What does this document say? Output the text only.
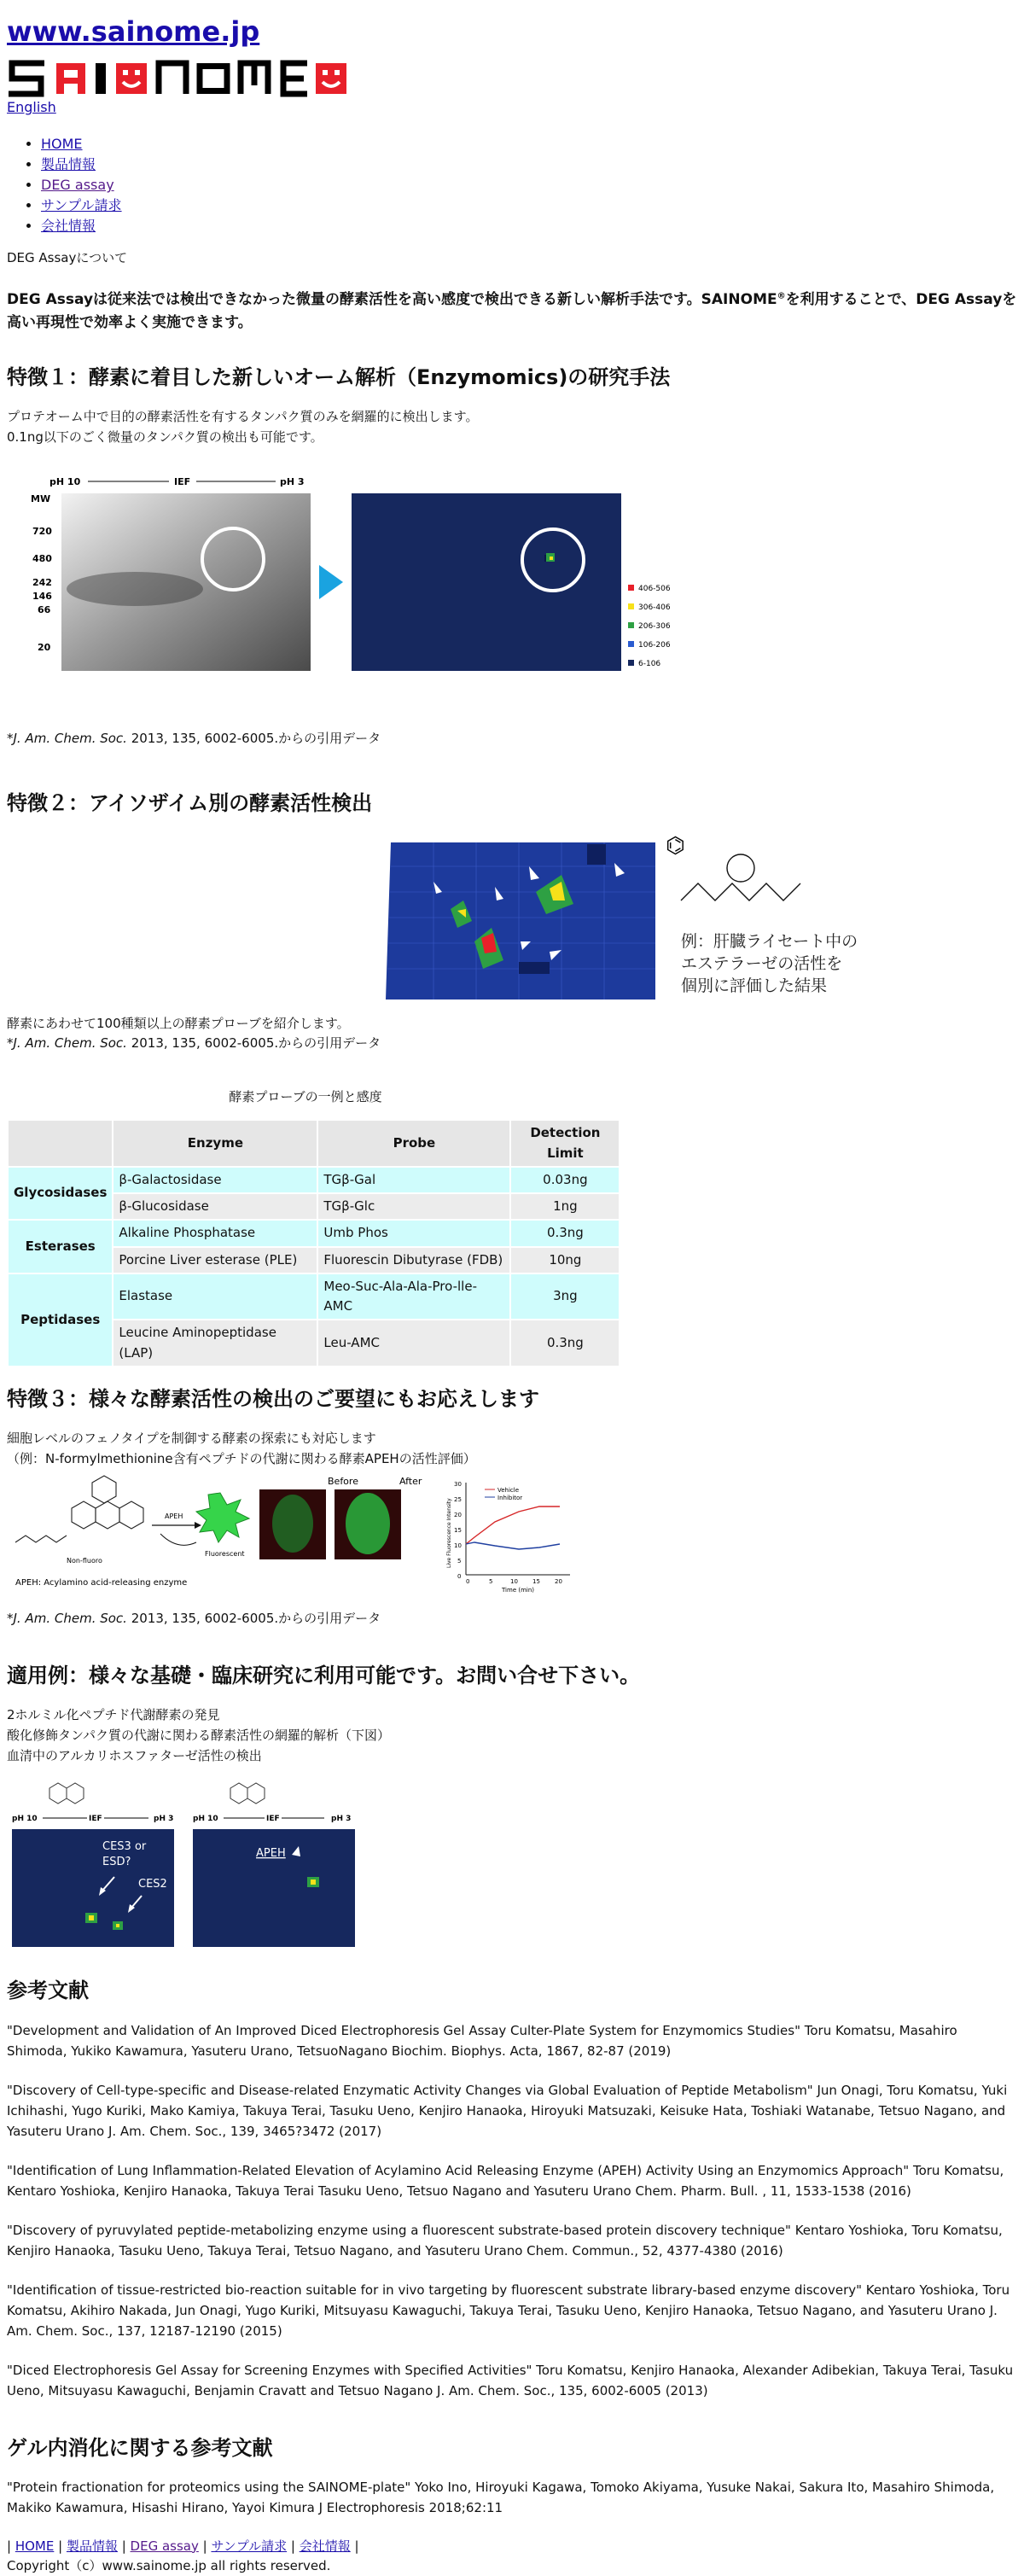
www.sainome.jp
English
• HOME
• 製品情報
• DEG assay
• サンプル請求
• 会社情報
DEG Assayについて

DEG Assayは従来法では検出できなかった微量の酵素活性を高い感度で検出できる新しい解析手法です。SAINOME®を利用することで、DEG Assayを高い再現性で効率よく実施できます。

特徴１：酵素に着目した新しいオーム解析（Enzymomics)の研究手法

プロテオーム中で目的の酵素活性を有するタンパク質のみを網羅的に検出します。

0.1ng以下のごく微量のタンパク質の検出も可能です。

pH 10	IEF	pH 3
MW
720
480
242
146
66
20
406-506
306-406
206-306
106-206
6-106

*J. Am. Chem. Soc. 2013, 135, 6002-6005.からの引用データ

特徴２：アイソザイム別の酵素活性検出
⌬
例：肝臓ライセート中の
エステラーゼの活性を
個別に評価した結果

酵素にあわせて100種類以上の酵素プローブを紹介します。

*J. Am. Chem. Soc. 2013, 135, 6002-6005.からの引用データ

酵素プローブの一例と感度
	Enzyme	Probe	Detection Limit
Glycosidases	β-Galactosidase	TGβ-Gal	0.03ng
	β-Glucosidase	TGβ-Glc	1ng
Esterases	Alkaline Phosphatase	Umb Phos	0.3ng
	Porcine Liver esterase (PLE)	Fluorescin Dibutyrase (FDB)	10ng
Peptidases	Elastase	Meo-Suc-Ala-Ala-Pro-lle-AMC	3ng
	Leucine Aminopeptidase (LAP)	Leu-AMC	0.3ng
特徴３：様々な酵素活性の検出のご要望にもお応えします

細胞レベルのフェノタイプを制御する酵素の探索にも対応します

（例：N-formylmethionine含有ペプチドの代謝に関わる酵素APEHの活性評価）

Non-fluoro
APEH
Fluorescent
Before	After
APEH: Acylamino acid-releasing enzyme
0
5
10
15
20
25
30
0	5	10 15 20
Time (min)
Live Fluorescence Intensity
Vehicle
Inhibitor

*J. Am. Chem. Soc. 2013, 135, 6002-6005.からの引用データ

適用例：様々な基礎・臨床研究に利用可能です。お問い合せ下さい。

2ホルミル化ペプチド代謝酵素の発見

酸化修飾タンパク質の代謝に関わる酵素活性の網羅的解析（下図）

血清中のアルカリホスファターゼ活性の検出

pH 10	IEF	pH 3	pH 10	IEF	pH 3
CES3 or
ESD?
CES2
APEH
参考文献

"Development and Validation of An Improved Diced Electrophoresis Gel Assay Culter-Plate System for Enzymomics Studies" Toru Komatsu, Masahiro Shimoda, Yukiko Kawamura, Yasuteru Urano, TetsuoNagano Biochim. Biophys. Acta, 1867, 82-87 (2019)

"Discovery of Cell-type-specific and Disease-related Enzymatic Activity Changes via Global Evaluation of Peptide Metabolism" Jun Onagi, Toru Komatsu, Yuki Ichihashi, Yugo Kuriki, Mako Kamiya, Takuya Terai, Tasuku Ueno, Kenjiro Hanaoka, Hiroyuki Matsuzaki, Keisuke Hata, Toshiaki Watanabe, Tetsuo Nagano, and Yasuteru Urano J. Am. Chem. Soc., 139, 3465?3472 (2017)

"Identification of Lung Inflammation-Related Elevation of Acylamino Acid Releasing Enzyme (APEH) Activity Using an Enzymomics Approach" Toru Komatsu, Kentaro Yoshioka, Kenjiro Hanaoka, Takuya Terai Tasuku Ueno, Tetsuo Nagano and Yasuteru Urano Chem. Pharm. Bull. , 11, 1533-1538 (2016)

"Discovery of pyruvylated peptide-metabolizing enzyme using a fluorescent substrate-based protein discovery technique" Kentaro Yoshioka, Toru Komatsu, Kenjiro Hanaoka, Tasuku Ueno, Takuya Terai, Tetsuo Nagano, and Yasuteru Urano Chem. Commun., 52, 4377-4380 (2016)

"Identification of tissue-restricted bio-reaction suitable for in vivo targeting by fluorescent substrate library-based enzyme discovery" Kentaro Yoshioka, Toru Komatsu, Akihiro Nakada, Jun Onagi, Yugo Kuriki, Mitsuyasu Kawaguchi, Takuya Terai, Tasuku Ueno, Kenjiro Hanaoka, Tetsuo Nagano, and Yasuteru Urano J. Am. Chem. Soc., 137, 12187-12190 (2015)

"Diced Electrophoresis Gel Assay for Screening Enzymes with Specified Activities" Toru Komatsu, Kenjiro Hanaoka, Alexander Adibekian, Takuya Terai, Tasuku Ueno, Mitsuyasu Kawaguchi, Benjamin Cravatt and Tetsuo Nagano J. Am. Chem. Soc., 135, 6002-6005 (2013)

ゲル内消化に関する参考文献

"Protein fractionation for proteomics using the SAINOME-plate" Yoko Ino, Hiroyuki Kagawa, Tomoko Akiyama, Yusuke Nakai, Sakura Ito, Masahiro Shimoda, Makiko Kawamura, Hisashi Hirano, Yayoi Kimura J Electrophoresis 2018;62:11

| HOME | 製品情報 | DEG assay | サンプル請求 | 会社情報 |
Copyright（c）www.sainome.jp all rights reserved.
